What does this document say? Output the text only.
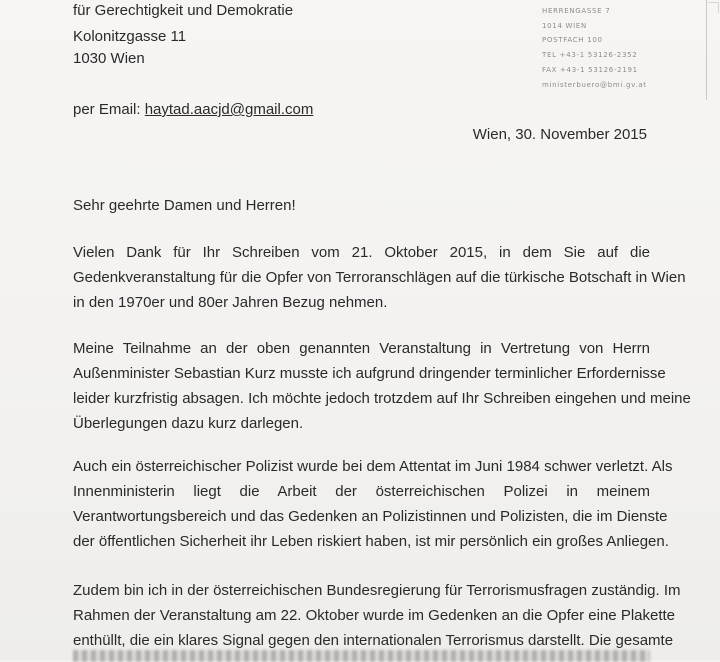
für Gerechtigkeit und Demokratie
Kolonitzgasse 11
1030 Wien
HERRENGASSE 7
1014 WIEN
POSTFACH 100
TEL +43-1 53126-2352
FAX +43-1 53126-2191
ministerbuero@bmi.gv.at
per Email: haytad.aacjd@gmail.com
Wien, 30. November 2015
Sehr geehrte Damen und Herren!
Vielen Dank für Ihr Schreiben vom 21. Oktober 2015, in dem Sie auf die
Gedenkveranstaltung für die Opfer von Terroranschlägen auf die türkische Botschaft in Wien
in den 1970er und 80er Jahren Bezug nehmen.
Meine Teilnahme an der oben genannten Veranstaltung in Vertretung von Herrn
Außenminister Sebastian Kurz musste ich aufgrund dringender terminlicher Erfordernisse
leider kurzfristig absagen. Ich möchte jedoch trotzdem auf Ihr Schreiben eingehen und meine
Überlegungen dazu kurz darlegen.
Auch ein österreichischer Polizist wurde bei dem Attentat im Juni 1984 schwer verletzt. Als
Innenministerin liegt die Arbeit der österreichischen Polizei in meinem
Verantwortungsbereich und das Gedenken an Polizistinnen und Polizisten, die im Dienste
der öffentlichen Sicherheit ihr Leben riskiert haben, ist mir persönlich ein großes Anliegen.
Zudem bin ich in der österreichischen Bundesregierung für Terrorismusfragen zuständig. Im
Rahmen der Veranstaltung am 22. Oktober wurde im Gedenken an die Opfer eine Plakette
enthüllt, die ein klares Signal gegen den internationalen Terrorismus darstellt. Die gesamte
